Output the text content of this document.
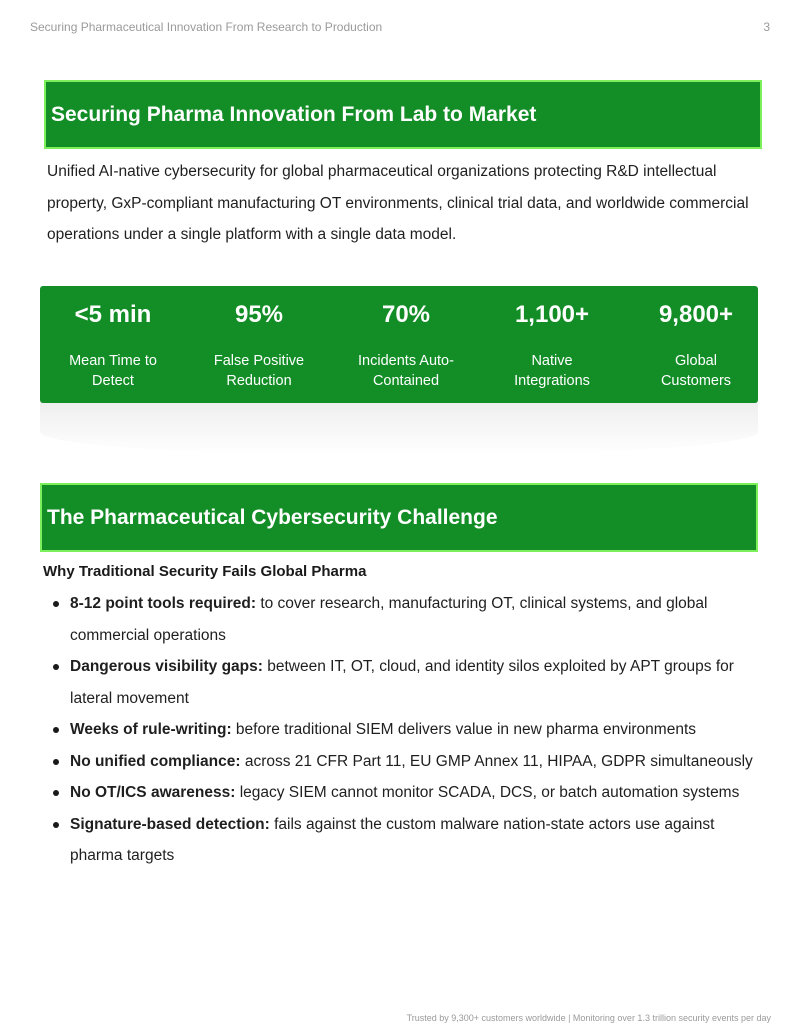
Securing Pharmaceutical Innovation From Research to Production	3
Securing Pharma Innovation From Lab to Market

Unified AI-native cybersecurity for global pharmaceutical organizations protecting R&D intellectual property, GxP-compliant manufacturing OT environments, clinical trial data, and worldwide commercial operations under a single platform with a single data model.

<5 min
Mean Time to Detect
95%
False Positive Reduction
70%
Incidents Auto-Contained
1,100+
Native Integrations
9,800+
Global Customers
The Pharmaceutical Cybersecurity Challenge
Why Traditional Security Fails Global Pharma
8-12 point tools required: to cover research, manufacturing OT, clinical systems, and global commercial operations
Dangerous visibility gaps: between IT, OT, cloud, and identity silos exploited by APT groups for lateral movement
Weeks of rule-writing: before traditional SIEM delivers value in new pharma environments
No unified compliance: across 21 CFR Part 11, EU GMP Annex 11, HIPAA, GDPR simultaneously
No OT/ICS awareness: legacy SIEM cannot monitor SCADA, DCS, or batch automation systems
Signature-based detection: fails against the custom malware nation-state actors use against pharma targets
Trusted by 9,300+ customers worldwide | Monitoring over 1.3 trillion security events per day
